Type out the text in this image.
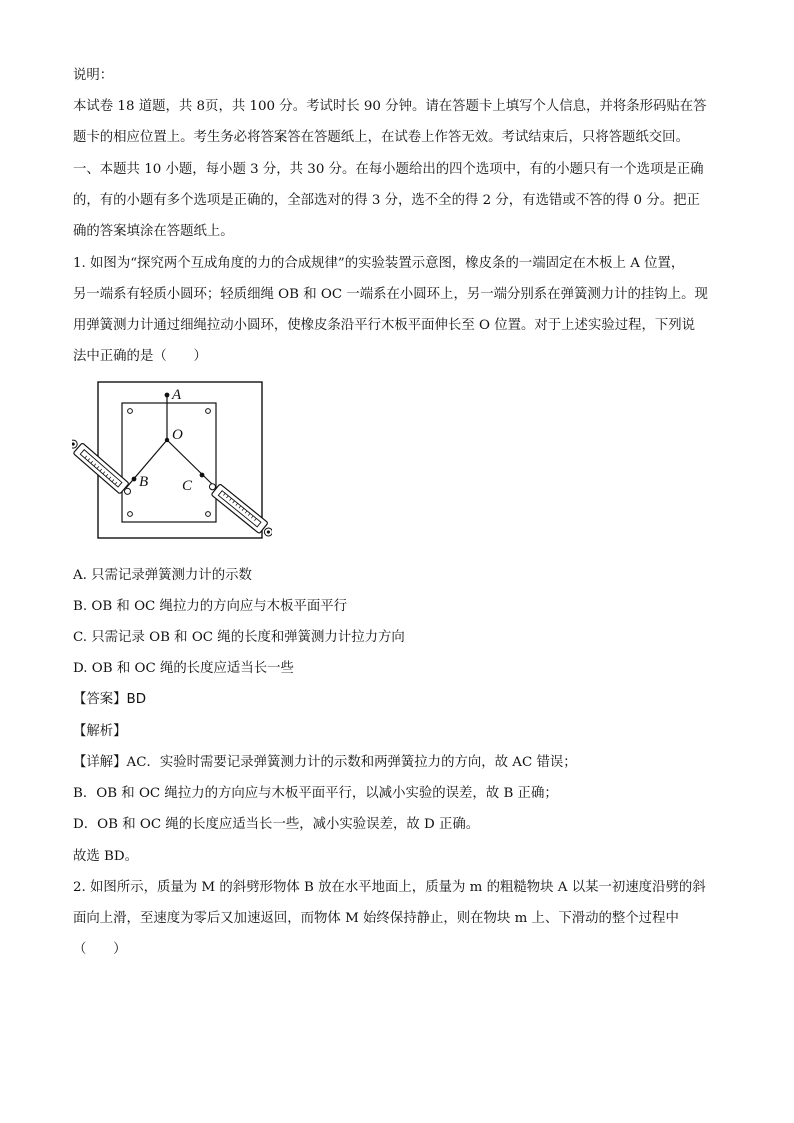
说明：
本试卷 18 道题，共 8页，共 100 分。考试时长 90 分钟。请在答题卡上填写个人信息，并将条形码贴在答
题卡的相应位置上。考生务必将答案答在答题纸上，在试卷上作答无效。考试结束后，只将答题纸交回。
一、本题共 10 小题，每小题 3 分，共 30 分。在每小题给出的四个选项中，有的小题只有一个选项是正确
的，有的小题有多个选项是正确的，全部选对的得 3 分，选不全的得 2 分，有选错或不答的得 0 分。把正
确的答案填涂在答题纸上。
1. 如图为“探究两个互成角度的力的合成规律”的实验装置示意图，橡皮条的一端固定在木板上 A 位置，
另一端系有轻质小圆环；轻质细绳 OB 和 OC 一端系在小圆环上，另一端分别系在弹簧测力计的挂钩上。现
用弹簧测力计通过细绳拉动小圆环，使橡皮条沿平行木板平面伸长至 O 位置。对于上述实验过程，下列说
法中正确的是（　　）
A
O
B C
A. 只需记录弹簧测力计的示数
B. OB 和 OC 绳拉力的方向应与木板平面平行
C. 只需记录 OB 和 OC 绳的长度和弹簧测力计拉力方向
D. OB 和 OC 绳的长度应适当长一些
【答案】BD
【解析】
【详解】AC．实验时需要记录弹簧测力计的示数和两弹簧拉力的方向，故 AC 错误；
B．OB 和 OC 绳拉力的方向应与木板平面平行，以减小实验的误差，故 B 正确；
D．OB 和 OC 绳的长度应适当长一些，减小实验误差，故 D 正确。
故选 BD。
2. 如图所示，质量为 M 的斜劈形物体 B 放在水平地面上，质量为 m 的粗糙物块 A 以某一初速度沿劈的斜
面向上滑，至速度为零后又加速返回，而物体 M 始终保持静止，则在物块 m 上、下滑动的整个过程中
（　　）
